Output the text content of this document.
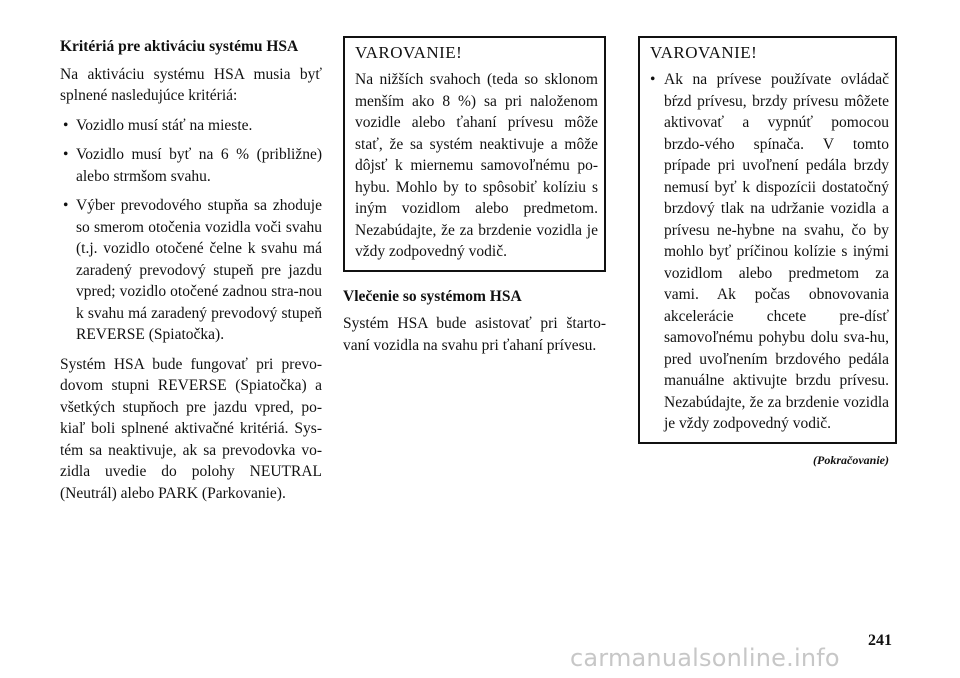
Kritériá pre aktiváciu systému HSA

Na aktiváciu systému HSA musia byť splnené nasledujúce kritériá:

• Vozidlo musí stáť na mieste.
• Vozidlo musí byť na 6 % (približne) alebo strmšom svahu.
• Výber prevodového stupňa sa zhoduje so smerom otočenia vozidla voči svahu (t.j. vozidlo otočené čelne k svahu má zaradený prevodový stupeň pre jazdu vpred; vozidlo otočené zadnou stra-nou k svahu má zaradený prevodový stupeň REVERSE (Spiatočka).

Systém HSA bude fungovať pri prevo-dovom stupni REVERSE (Spiatočka) a všetkých stupňoch pre jazdu vpred, po-kiaľ boli splnené aktivačné kritériá. Sys-tém sa neaktivuje, ak sa prevodovka vo-zidla uvedie do polohy NEUTRAL (Neutrál) alebo PARK (Parkovanie).

VAROVANIE!

Na nižších svahoch (teda so sklonom menším ako 8 %) sa pri naloženom vozidle alebo ťahaní prívesu môže stať, že sa systém neaktivuje a môže dôjsť k miernemu samovoľnému po-hybu. Mohlo by to spôsobiť kolíziu s iným vozidlom alebo predmetom. Nezabúdajte, že za brzdenie vozidla je vždy zodpovedný vodič.

Vlečenie so systémom HSA

Systém HSA bude asistovať pri štarto-vaní vozidla na svahu pri ťahaní prívesu.

VAROVANIE!
• Ak na prívese používate ovládač bŕzd prívesu, brzdy prívesu môžete aktivovať a vypnúť pomocou brzdo-vého spínača. V tomto prípade pri uvoľnení pedála brzdy nemusí byť k dispozícii dostatočný brzdový tlak na udržanie vozidla a prívesu ne-hybne na svahu, čo by mohlo byť príčinou kolízie s inými vozidlom alebo predmetom za vami. Ak počas obnovovania akcelerácie chcete pre-dísť samovoľnému pohybu dolu sva-hu, pred uvoľnením brzdového pedála manuálne aktivujte brzdu prívesu. Nezabúdajte, že za brzdenie vozidla je vždy zodpovedný vodič.
(Pokračovanie)
241
carmanualsonline.info
